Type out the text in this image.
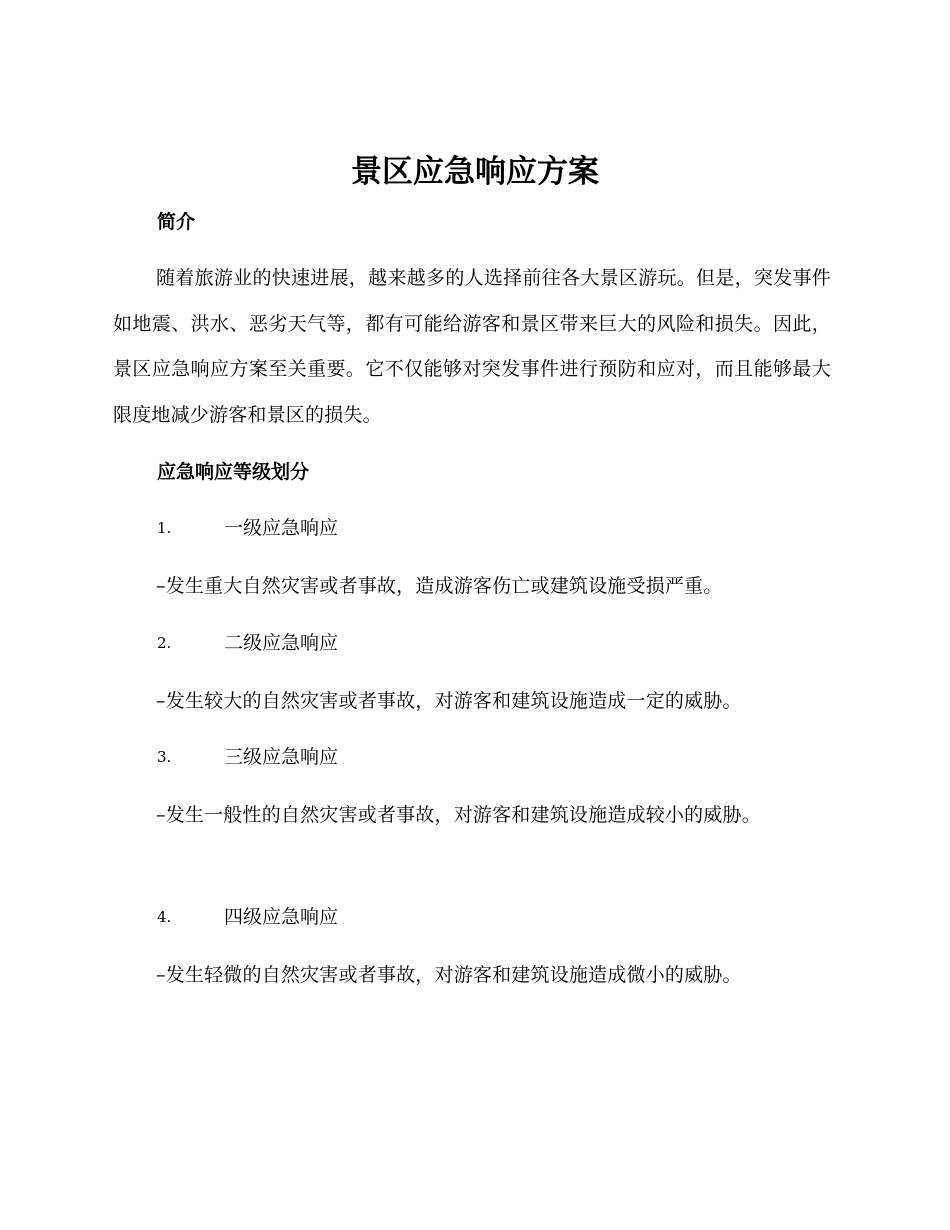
景区应急响应方案
简介

随着旅游业的快速进展，越来越多的人选择前往各大景区游玩。但是，突发事件如地震、洪水、恶劣天气等，都有可能给游客和景区带来巨大的风险和损失。因此，景区应急响应方案至关重要。它不仅能够对突发事件进行预防和应对，而且能够最大限度地减少游客和景区的损失。

应急响应等级划分
1.	一级应急响应

–发生重大自然灾害或者事故，造成游客伤亡或建筑设施受损严重。

2.	二级应急响应

–发生较大的自然灾害或者事故，对游客和建筑设施造成一定的威胁。

3.	三级应急响应

–发生一般性的自然灾害或者事故，对游客和建筑设施造成较小的威胁。

4.	四级应急响应

–发生轻微的自然灾害或者事故，对游客和建筑设施造成微小的威胁。
